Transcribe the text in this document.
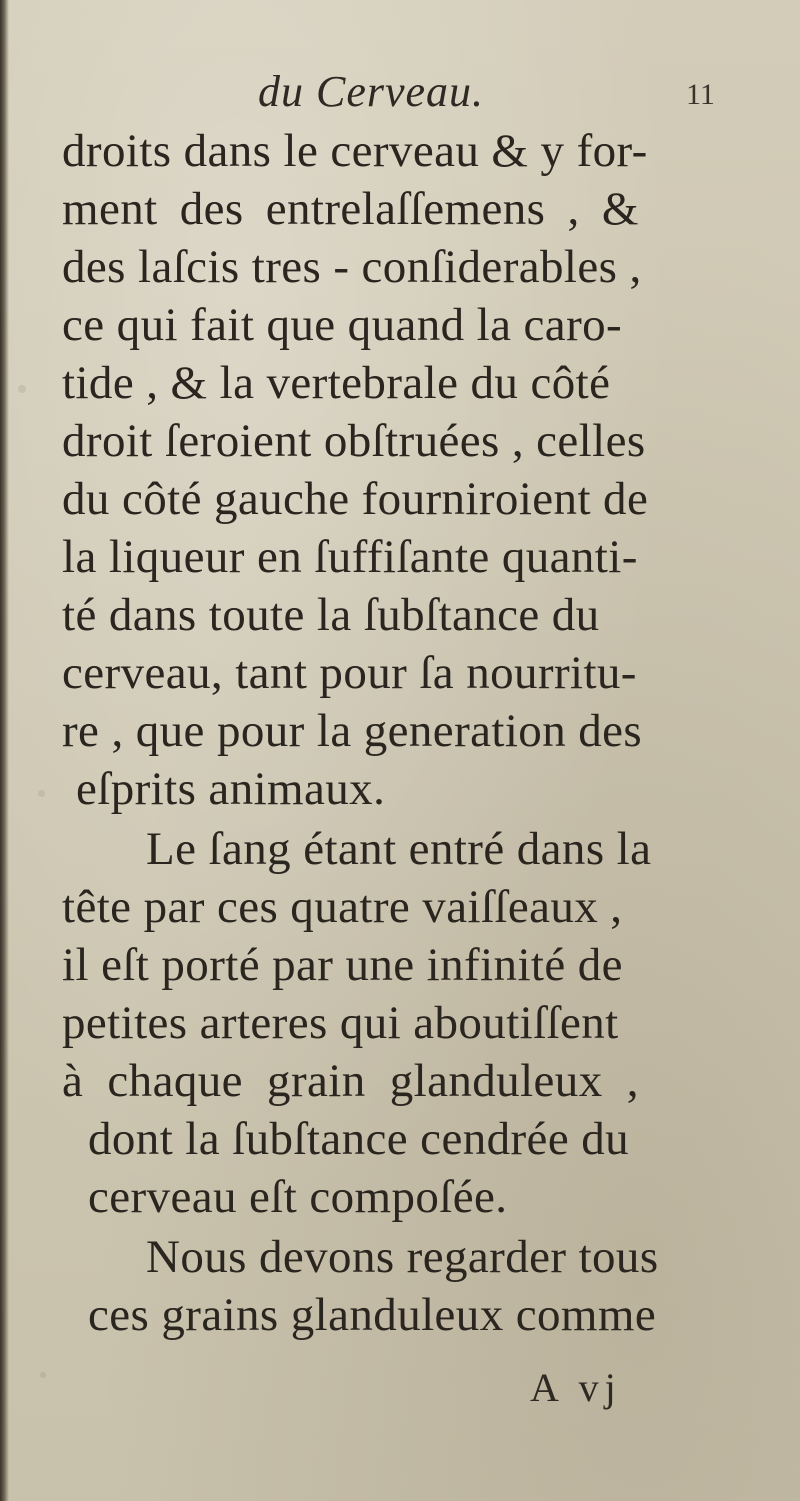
du Cerveau.	11
droits dans le cerveau & y for-
ment des entrelaſſemens , &
des laſcis tres - conſiderables ,
ce qui fait que quand la caro-
tide , & la vertebrale du côté
droit ſeroient obſtruées , celles
du côté gauche fourniroient de
la liqueur en ſuffiſante quanti-
té dans toute la ſubſtance du
cerveau, tant pour ſa nourritu-
re , que pour la generation des
eſprits animaux.
Le ſang étant entré dans la
tête par ces quatre vaiſſeaux ,
il eſt porté par une infinité de
petites arteres qui aboutiſſent
à chaque grain glanduleux ,
dont la ſubſtance cendrée du
cerveau eſt compoſée.
Nous devons regarder tous
ces grains glanduleux comme
A vj
